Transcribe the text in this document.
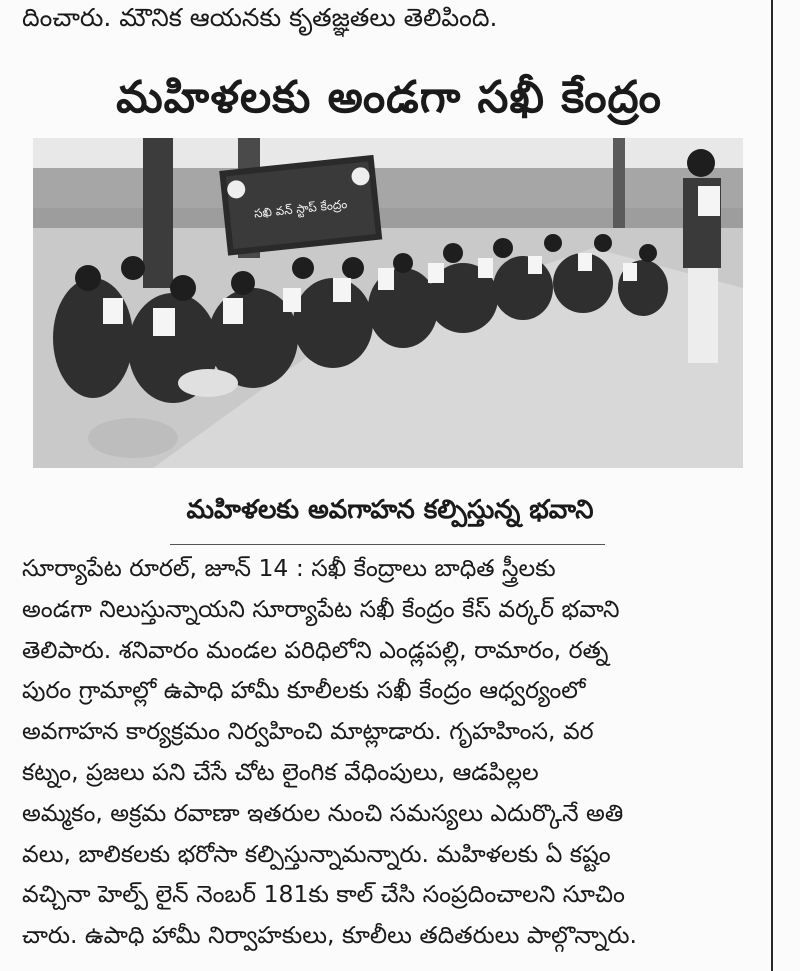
దించారు. మౌనిక ఆయనకు కృతజ్ఞతలు తెలిపింది.
మహిళలకు అండగా సఖీ కేంద్రం
సఖి వన్ స్టాప్ కేంద్రం
మహిళలకు అవగాహన కల్పిస్తున్న భవాని
సూర్యాపేట రూరల్, జూన్ 14 : సఖీ కేంద్రాలు బాధిత స్త్రీలకు
అండగా నిలుస్తున్నాయని సూర్యాపేట సఖీ కేంద్రం కేస్ వర్కర్ భవాని
తెలిపారు. శనివారం మండల పరిధిలోని ఎండ్లపల్లి, రామారం, రత్న
పురం గ్రామాల్లో ఉపాధి హామీ కూలీలకు సఖీ కేంద్రం ఆధ్వర్యంలో
అవగాహన కార్యక్రమం నిర్వహించి మాట్లాడారు. గృహహింస, వర
కట్నం, ప్రజలు పని చేసే చోట లైంగిక వేధింపులు, ఆడపిల్లల
అమ్మకం, అక్రమ రవాణా ఇతరుల నుంచి సమస్యలు ఎదుర్కొనే అతి
వలు, బాలికలకు భరోసా కల్పిస్తున్నామన్నారు. మహిళలకు ఏ కష్టం
వచ్చినా హెల్ప్ లైన్ నెంబర్ 181కు కాల్ చేసి సంప్రదించాలని సూచిం
చారు. ఉపాధి హామీ నిర్వాహకులు, కూలీలు తదితరులు పాల్గొన్నారు.
